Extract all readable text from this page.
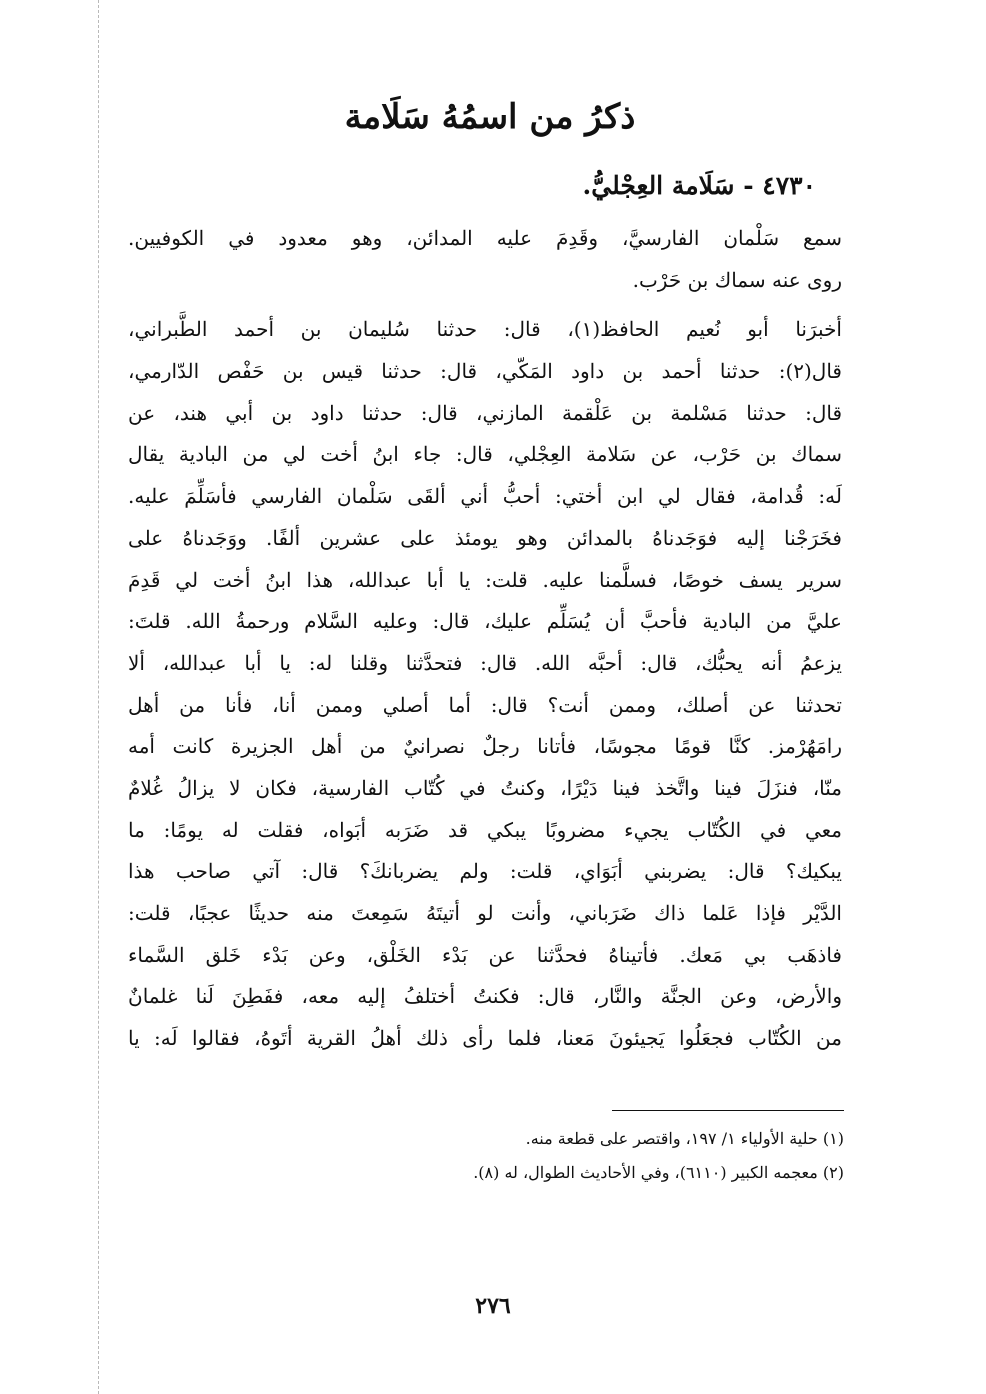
ذكرُ من اسمُهُ سَلَامة
٤٧٣٠ - سَلَامة العِجْليُّ.
سمع سَلْمان الفارسيَّ، وقَدِمَ عليه المدائن، وهو معدود في الكوفيين.
روى عنه سماك بن حَرْب.
أخبرَنا أبو نُعيم الحافظ(١)، قال: حدثنا سُليمان بن أحمد الطَّبراني،
قال(٢): حدثنا أحمد بن داود المَكّي، قال: حدثنا قيس بن حَفْص الدّارمي،
قال: حدثنا مَسْلمة بن عَلْقمة المازني، قال: حدثنا داود بن أبي هند، عن
سماك بن حَرْب، عن سَلامة العِجْلي، قال: جاء ابنُ أخت لي من البادية يقال
لَه: قُدامة، فقال لي ابن أختي: أحبُّ أني ألقَى سَلْمان الفارسي فأسَلِّمَ عليه.
فخَرَجْنا إليه فوَجَدناهُ بالمدائن وهو يومئذ على عشرين ألفًا. ووَجَدناهُ على
سرير يسف خوصًا، فسلَّمنا عليه. قلت: يا أبا عبدالله، هذا ابنُ أخت لي قَدِمَ
عليَّ من البادية فأحبَّ أن يُسَلِّم عليك، قال: وعليه السَّلام ورحمةُ الله. قلتَ:
يزعمُ أنه يحبُّك، قال: أحبَّه الله. قال: فتحدَّثنا وقلنا له: يا أبا عبدالله، ألا
تحدثنا عن أصلك، وممن أنت؟ قال: أما أصلي وممن أنا، فأنا من أهل
رامَهُرْمز. كنَّا قومًا مجوسًا، فأتانا رجلٌ نصرانيٌ من أهل الجزيرة كانت أمه
منّا، فنزَلَ فينا واتَّخذ فينا دَيْرًا، وكنتُ في كُتّاب الفارسية، فكان لا يزالُ غُلامٌ
معي في الكُتّاب يجيء مضروبًا يبكي قد ضَرَبه أبَواه، فقلت له يومًا: ما
يبكيك؟ قال: يضربني أبَوَاي، قلت: ولم يضربانكَ؟ قال: آتي صاحب هذا
الدَّيْر فإذا عَلما ذاك ضَرَباني، وأنت لو أتيتَهُ سَمِعتَ منه حديثًا عجبًا، قلت:
فاذهَب بي مَعك. فأتيناهُ فحدَّثنا عن بَدْء الخَلْق، وعن بَدْء خَلق السَّماء
والأرض، وعن الجنَّة والنَّار، قال: فكنتُ أختلفُ إليه معه، ففَطِنَ لَنا غلمانٌ
من الكُتّاب فجعَلُوا يَجيئونَ مَعنا، فلما رأى ذلك أهلُ القرية أتَوهُ، فقالوا لَه: يا
(١) حلية الأولياء ١/ ١٩٧، واقتصر على قطعة منه.
(٢) معجمه الكبير (٦١١٠)، وفي الأحاديث الطوال، له (٨).
٢٧٦
